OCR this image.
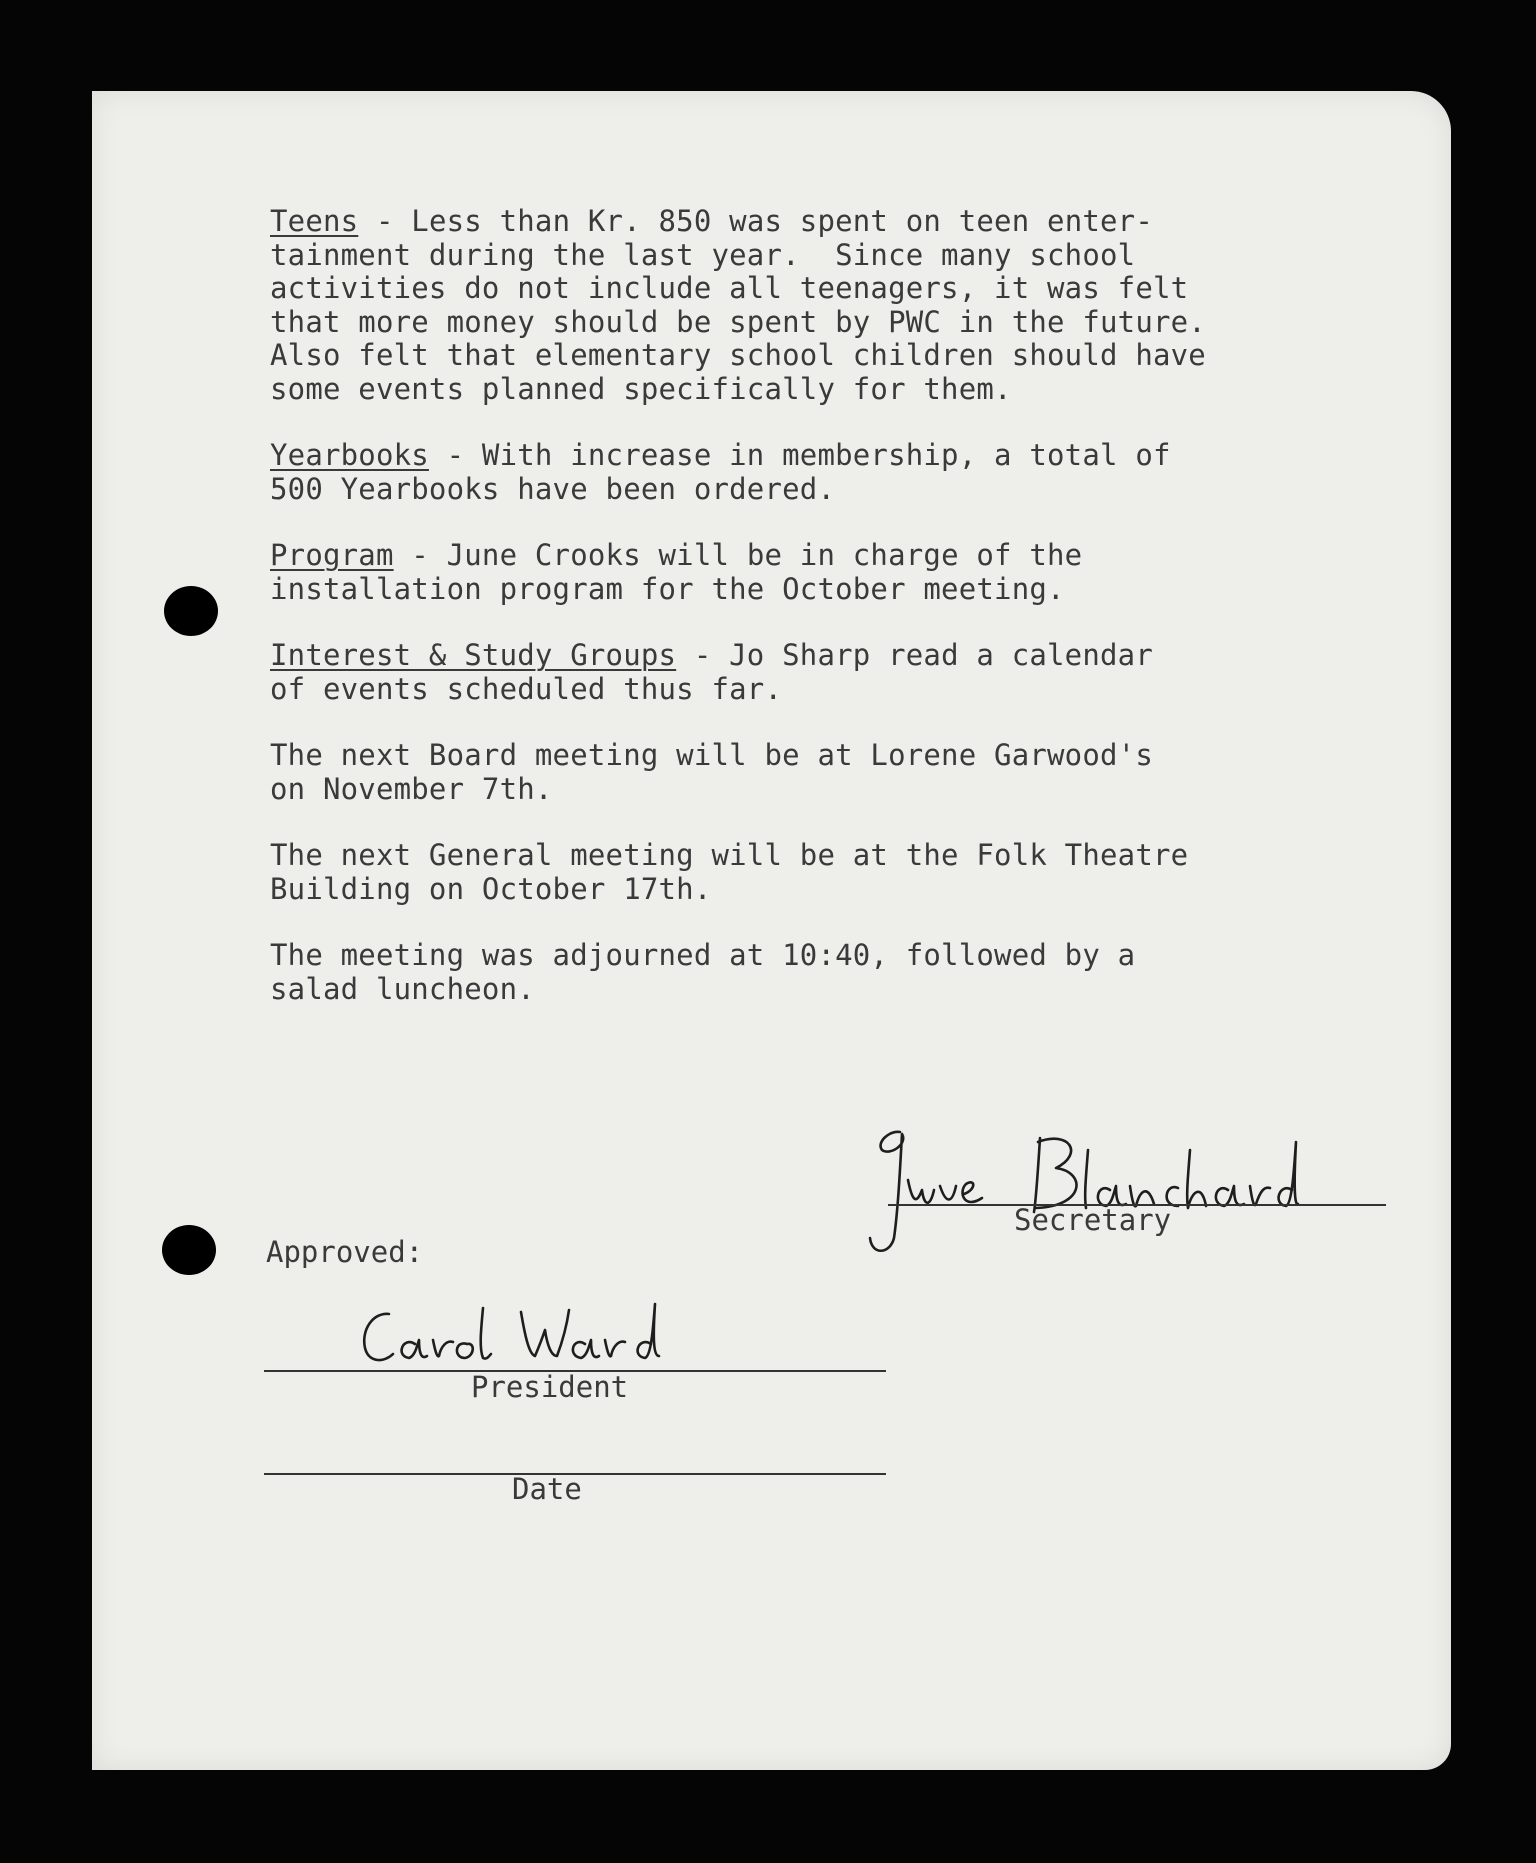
Teens - Less than Kr. 850 was spent on teen enter-
tainment during the last year.  Since many school
activities do not include all teenagers, it was felt
that more money should be spent by PWC in the future.
Also felt that elementary school children should have
some events planned specifically for them.

Yearbooks - With increase in membership, a total of
500 Yearbooks have been ordered.

Program - June Crooks will be in charge of the
installation program for the October meeting.

Interest & Study Groups - Jo Sharp read a calendar
of events scheduled thus far.

The next Board meeting will be at Lorene Garwood's
on November 7th.

The next General meeting will be at the Folk Theatre
Building on October 17th.

The meeting was adjourned at 10:40, followed by a
salad luncheon.

Secretary
Approved:
President
Date
